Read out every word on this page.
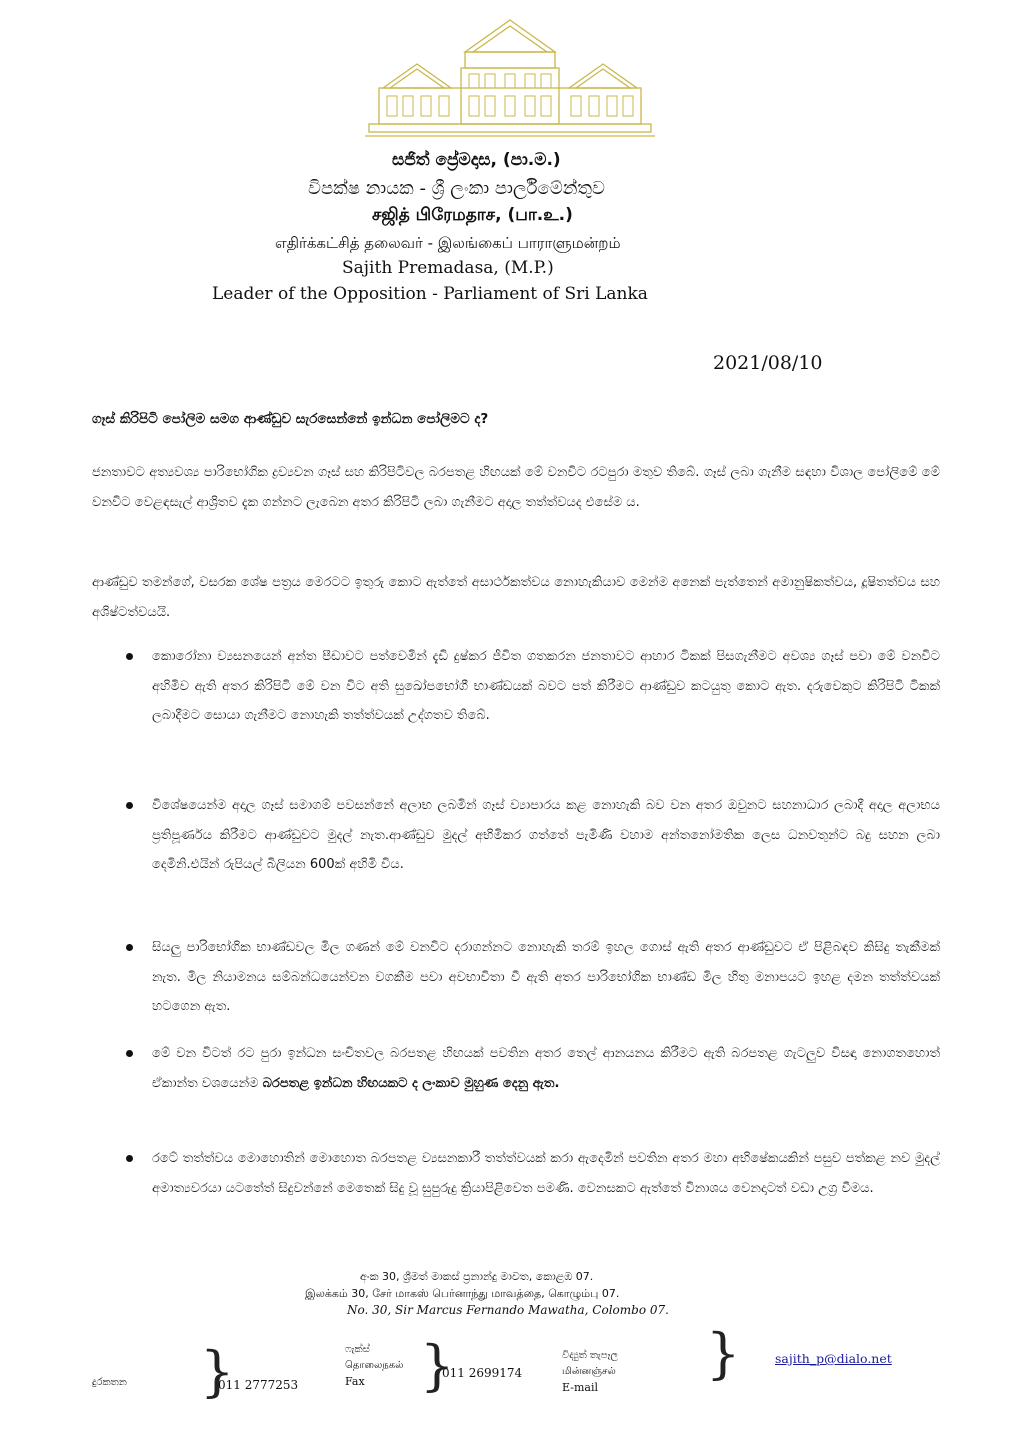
සජිත් ප්‍රේමදාස, (පා.ම.)
විපක්ෂ නායක - ශ්‍රී ලංකා පාර්ලිමේන්තුව
சஜித் பிரேமதாச, (பா.உ.)
எதிர்க்கட்சித் தலைவர் - இலங்கைப் பாராளுமன்றம்
Sajith Premadasa, (M.P.)
Leader of the Opposition - Parliament of Sri Lanka
2021/08/10
ගෑස් කිරිපිටි පෝලිම සමග ආණ්ඩුව සැරසෙන්නේ ඉන්ධන පෝලිමට ද?
ජනතාවට අත්‍යවශ්‍ය පාරිභෝගික ද්‍රව්‍යවන ගෑස් සහ කිරිපිටිවල බරපතළ හිඟයක් මේ වනවිට රටපුරා මතුව තිබේ. ගෑස් ලබා ගැනීම සඳහා විශාල පෝලිමේ මේ වනවිට වෙළඳසැල් ආශ්‍රිතව දැක ගන්නට ලැබෙන අතර කිරිපිටි ලබා ගැනීමට අදාල තත්ත්වයද එසේම ය.
ආණ්ඩුව තමන්ගේ, වසරක ශේෂ පත්‍රය මෙරටට ඉතුරු කොට ඇත්තේ අසාර්ථකත්වය නොහැකියාව මෙන්ම අනෙක් පැත්තෙන් අමානුෂිකත්වය, දූෂිතත්වය සහ අශිෂ්ටත්වයයි.
කොරෝනා ව්‍යසනයෙන් අන්ත පීඩාවට පත්වෙමින් දැඩි දුෂ්කර ජීවිත ගතකරන ජනතාවට ආහාර ටිකක් පිසගැනීමට අවශ්‍ය ගෑස් පවා මේ වනවිට අහිමිව ඇති අතර කිරිපිටි මේ වන විට අති සුඛෝපභෝගී භාණ්ඩයක් බවට පත් කිරීමට ආණ්ඩුව කටයුතු කොට ඇත. දරුවෙකුට කිරිපිටි ටිකක් ලබාදීමට සොයා ගැනීමට නොහැකි තත්ත්වයක් උද්ගතව තිබේ.
විශේෂයෙන්ම අදාල ගෑස් සමාගම් පවසන්නේ අලාභ ලබමින් ගෑස් ව්‍යාපාරය කළ නොහැකි බව වන අතර ඔවුනට සහනාධාර ලබාදී අදාල අලාභය ප්‍රතිපූර්ණය කිරීමට ආණ්ඩුවට මුදල් නැත.ආණ්ඩුව මුදල් අභිමිකර ගත්තේ පැමිණි වහාම අන්තනෝමතික ලෙස ධනවතුන්ට බදු සහන ලබා දෙමිනි.එයින් රුපියල් බිලියන 600ක් අහිමි විය.
සියලු පාරිභෝගික භාණ්ඩවල මිල ගණන් මේ වනවිට දරාගන්නට නොහැකි තරම් ඉහල ගොස් ඇති අතර ආණ්ඩුවට ඒ පිළිබඳව කිසිදු තැකීමක් නැත. මිල නියාමනය සම්බන්ධයෙන්වන වගකීම පවා අවභාවිතා වී ඇති අතර පාරිභෝගික භාණ්ඩ මිල හිතු මනාපයට ඉහළ දමන තත්ත්වයක් හටගෙන ඇත.
මේ වන විටත් රට පුරා ඉන්ධන සංචිතවල බරපතළ හිඟයක් පවතින අතර තෙල් ආනයනය කිරීමට ඇති බරපතළ ගැටලුව විසඳා නොගතහොත් ඒකාන්ත වශයෙන්ම බරපතළ ඉන්ධන හිඟයකට ද ලංකාව මුහුණ දෙනු ඇත.
රටේ තත්ත්වය මොහොතින් මොහොත බරපතළ ව්‍යසනකාරී තත්ත්වයක් කරා ඇදෙමින් පවතින අතර මහා අභිෂේකයකින් පසුව පත්කළ නව මුදල් අමාත්‍යවරයා යටතේත් සිදුවන්නේ මෙතෙක් සිදු වූ සුපුරුදු ක්‍රියාපිළිවෙත පමණි. වෙනසකට ඇත්තේ විනාශය වෙනදාටත් වඩා උග්‍ර වීමය.
අංක 30, ශ්‍රීමත් මාකස් ප්‍රනාන්දු මාවත, කොළඹ 07.
இலக்கம் 30, சேர் மாகஸ் பெர்னாந்து மாவத்தை, கொழும்பு 07.
No. 30, Sir Marcus Fernando Mawatha, Colombo 07.
දුරකතන }
011 2777253
ෆැක්ස්
தொலைநகல்
Fax }
011 2699174
විද්‍යුත් තැපෑල
மின்னஞ்சல்
E-mail
}	sajith_p@dialo.net
